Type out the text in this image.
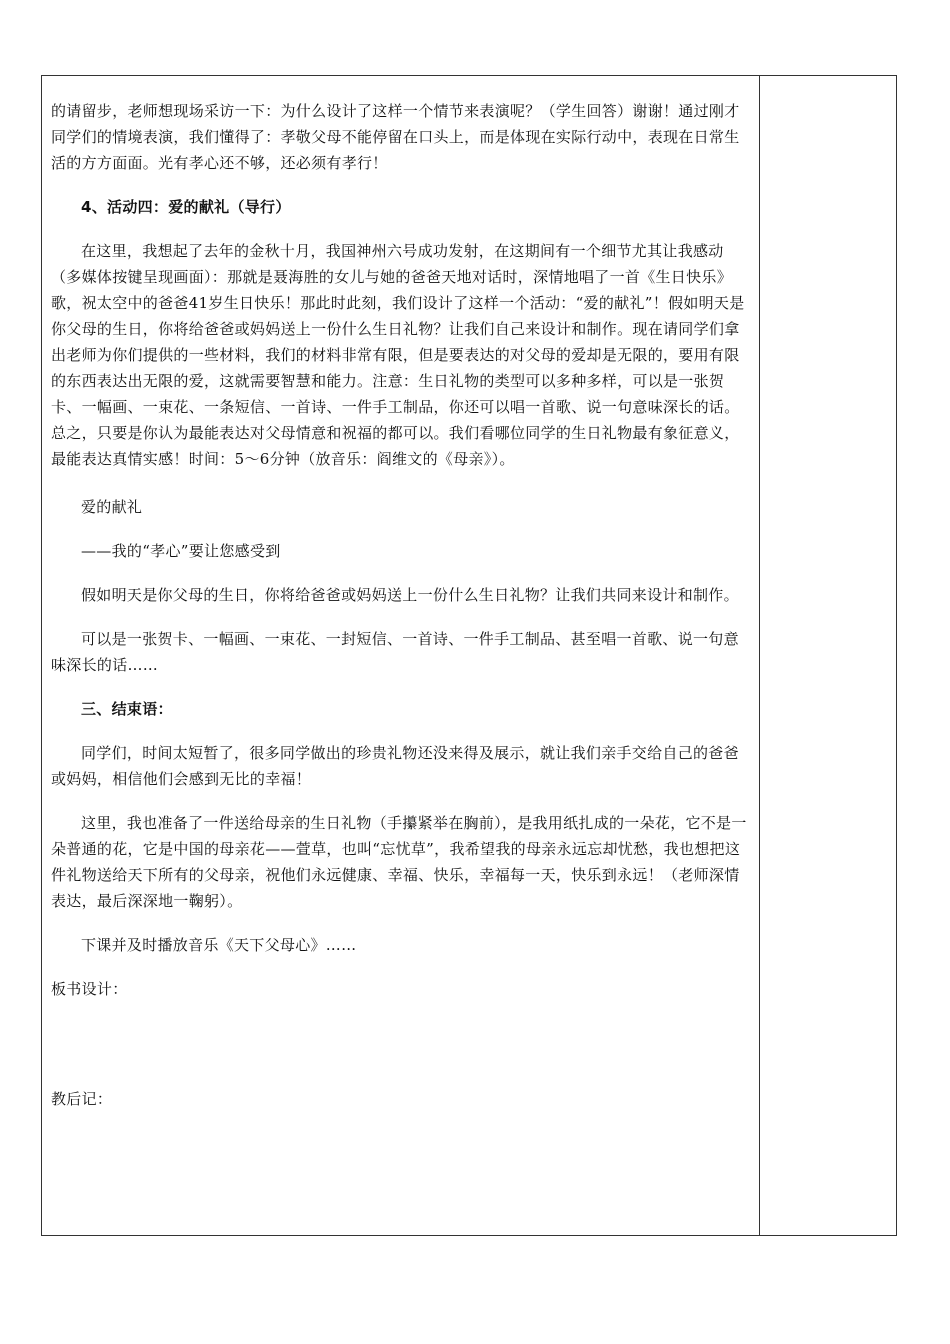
的请留步，老师想现场采访一下：为什么设计了这样一个情节来表演呢？（学生回答）谢谢！通过刚才同学们的情境表演，我们懂得了：孝敬父母不能停留在口头上，而是体现在实际行动中，表现在日常生活的方方面面。光有孝心还不够，还必须有孝行！

4、活动四：爱的献礼（导行）

在这里，我想起了去年的金秋十月，我国神州六号成功发射，在这期间有一个细节尤其让我感动（多媒体按键呈现画面）：那就是聂海胜的女儿与她的爸爸天地对话时，深情地唱了一首《生日快乐》歌，祝太空中的爸爸41岁生日快乐！那此时此刻，我们设计了这样一个活动：“爱的献礼”！假如明天是你父母的生日，你将给爸爸或妈妈送上一份什么生日礼物？让我们自己来设计和制作。现在请同学们拿出老师为你们提供的一些材料，我们的材料非常有限，但是要表达的对父母的爱却是无限的，要用有限的东西表达出无限的爱，这就需要智慧和能力。注意：生日礼物的类型可以多种多样，可以是一张贺卡、一幅画、一束花、一条短信、一首诗、一件手工制品，你还可以唱一首歌、说一句意味深长的话。总之，只要是你认为最能表达对父母情意和祝福的都可以。我们看哪位同学的生日礼物最有象征意义，最能表达真情实感！时间：5～6分钟（放音乐：阎维文的《母亲》）。

爱的献礼

——我的“孝心”要让您感受到

假如明天是你父母的生日，你将给爸爸或妈妈送上一份什么生日礼物？让我们共同来设计和制作。

可以是一张贺卡、一幅画、一束花、一封短信、一首诗、一件手工制品、甚至唱一首歌、说一句意味深长的话……

三、结束语：

同学们，时间太短暂了，很多同学做出的珍贵礼物还没来得及展示，就让我们亲手交给自己的爸爸或妈妈，相信他们会感到无比的幸福！

这里，我也准备了一件送给母亲的生日礼物（手攥紧举在胸前），是我用纸扎成的一朵花，它不是一朵普通的花，它是中国的母亲花——萱草，也叫“忘忧草”，我希望我的母亲永远忘却忧愁，我也想把这件礼物送给天下所有的父母亲，祝他们永远健康、幸福、快乐，幸福每一天，快乐到永远！（老师深情表达，最后深深地一鞠躬）。

下课并及时播放音乐《天下父母心》……

板书设计：

教后记：
